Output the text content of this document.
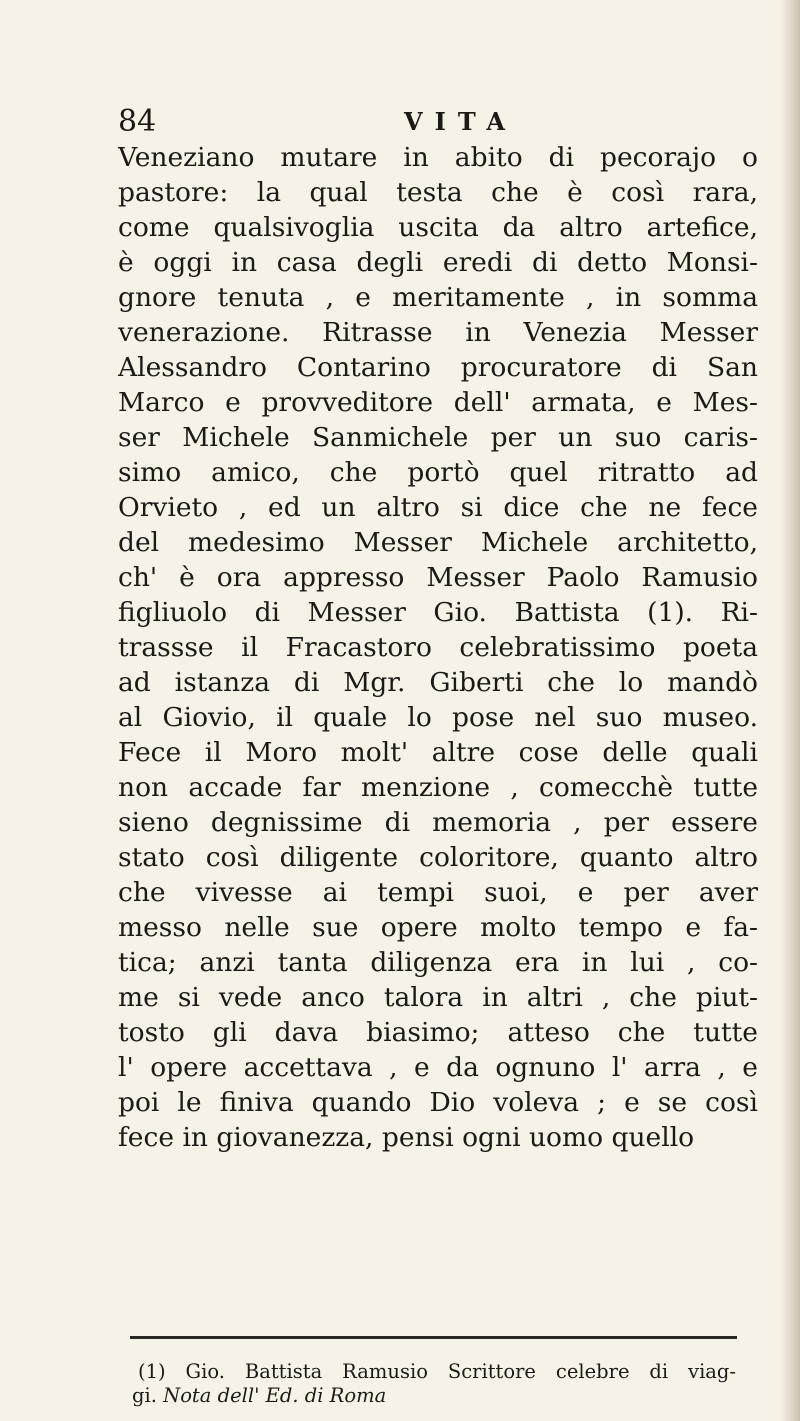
84	VITA
Veneziano mutare in abito di pecorajo o
pastore: la qual testa che è così rara,
come qualsivoglia uscita da altro artefice,
è oggi in casa degli eredi di detto Monsi-
gnore tenuta , e meritamente , in somma
venerazione. Ritrasse in Venezia Messer
Alessandro Contarino procuratore di San
Marco e provveditore dell' armata, e Mes-
ser Michele Sanmichele per un suo caris-
simo amico, che portò quel ritratto ad
Orvieto , ed un altro si dice che ne fece
del medesimo Messer Michele architetto,
ch' è ora appresso Messer Paolo Ramusio
figliuolo di Messer Gio. Battista (1). Ri-
trassse il Fracastoro celebratissimo poeta
ad istanza di Mgr. Giberti che lo mandò
al Giovio, il quale lo pose nel suo museo.
Fece il Moro molt' altre cose delle quali
non accade far menzione , comecchè tutte
sieno degnissime di memoria , per essere
stato così diligente coloritore, quanto altro
che vivesse ai tempi suoi, e per aver
messo nelle sue opere molto tempo e fa-
tica; anzi tanta diligenza era in lui , co-
me si vede anco talora in altri , che piut-
tosto gli dava biasimo; atteso che tutte
l' opere accettava , e da ognuno l' arra , e
poi le finiva quando Dio voleva ; e se così
fece in giovanezza, pensi ogni uomo quello
(1) Gio. Battista Ramusio Scrittore celebre di viag-
gi. Nota dell' Ed. di Roma
